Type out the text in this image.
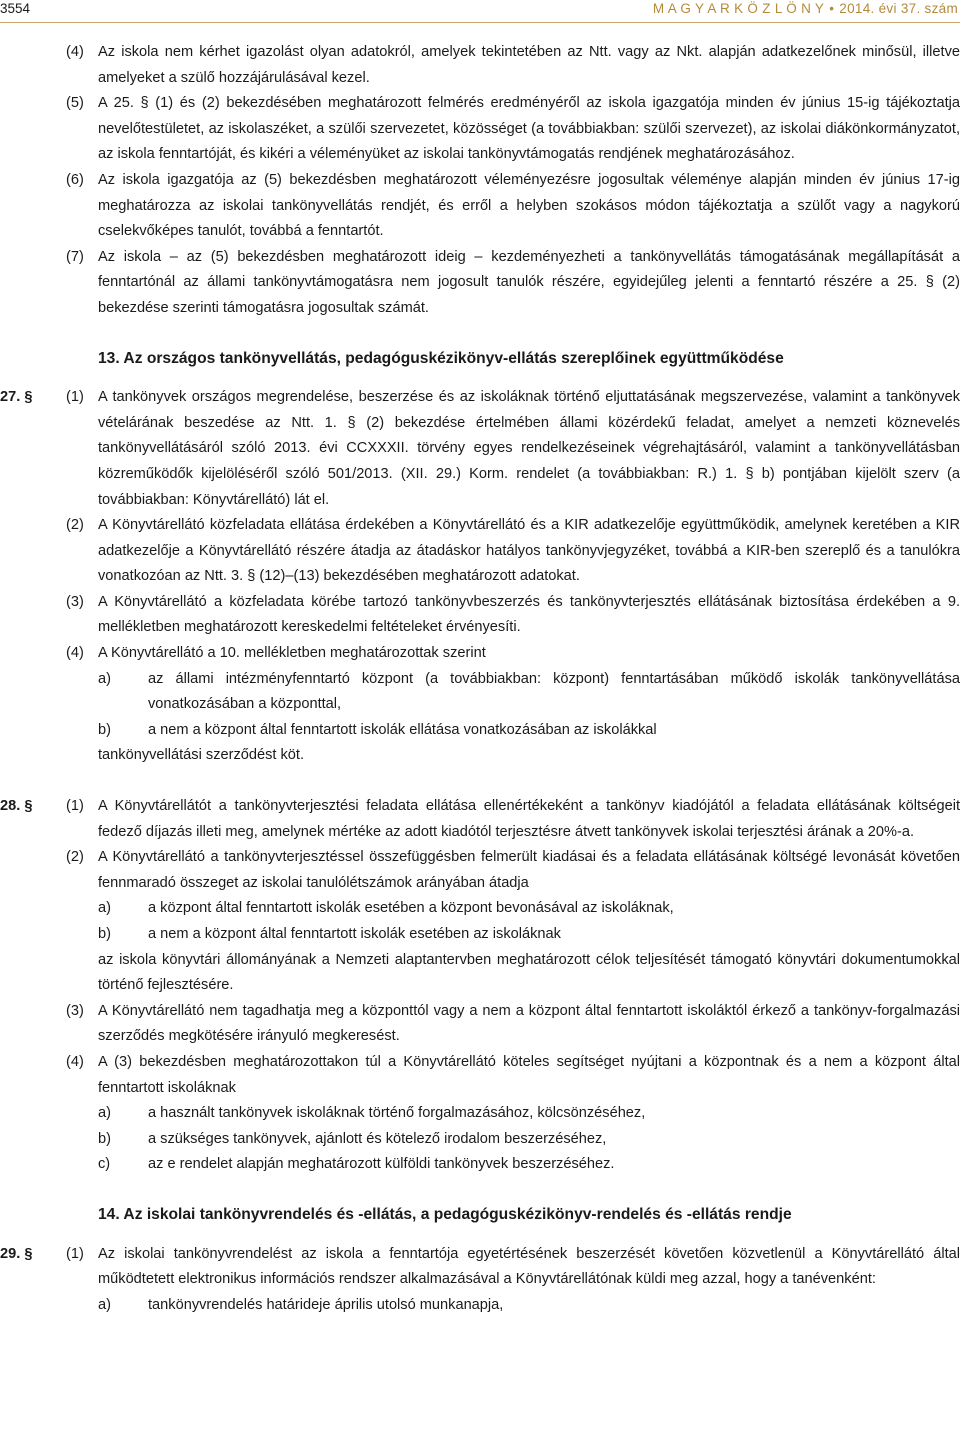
3554	M A G Y A R K Ö Z L Ö N Y • 2014. évi 37. szám
(4) Az iskola nem kérhet igazolást olyan adatokról, amelyek tekintetében az Ntt. vagy az Nkt. alapján adatkezelőnek minősül, illetve amelyeket a szülő hozzájárulásával kezel.
(5) A 25. § (1) és (2) bekezdésében meghatározott felmérés eredményéről az iskola igazgatója minden év június 15-ig tájékoztatja nevelőtestületet, az iskolaszéket, a szülői szervezetet, közösséget (a továbbiakban: szülői szervezet), az iskolai diákönkormányzatot, az iskola fenntartóját, és kikéri a véleményüket az iskolai tankönyvtámogatás rendjének meghatározásához.
(6) Az iskola igazgatója az (5) bekezdésben meghatározott véleményezésre jogosultak véleménye alapján minden év június 17-ig meghatározza az iskolai tankönyvellátás rendjét, és erről a helyben szokásos módon tájékoztatja a szülőt vagy a nagykorú cselekvőképes tanulót, továbbá a fenntartót.
(7) Az iskola – az (5) bekezdésben meghatározott ideig – kezdeményezheti a tankönyvellátás támogatásának megállapítását a fenntartónál az állami tankönyvtámogatásra nem jogosult tanulók részére, egyidejűleg jelenti a fenntartó részére a 25. § (2) bekezdése szerinti támogatásra jogosultak számát.
13. Az országos tankönyvellátás, pedagóguskézikönyv-ellátás szereplőinek együttműködése
27. § (1) A tankönyvek országos megrendelése, beszerzése és az iskoláknak történő eljuttatásának megszervezése, valamint a tankönyvek vételárának beszedése az Ntt. 1. § (2) bekezdése értelmében állami közérdekű feladat, amelyet a nemzeti köznevelés tankönyvellátásáról szóló 2013. évi CCXXXII. törvény egyes rendelkezéseinek végrehajtásáról, valamint a tankönyvellátásban közreműködők kijelöléséről szóló 501/2013. (XII. 29.) Korm. rendelet (a továbbiakban: R.) 1. § b) pontjában kijelölt szerv (a továbbiakban: Könyvtárellátó) lát el.
(2) A Könyvtárellátó közfeladata ellátása érdekében a Könyvtárellátó és a KIR adatkezelője együttműködik, amelynek keretében a KIR adatkezelője a Könyvtárellátó részére átadja az átadáskor hatályos tankönyvjegyzéket, továbbá a KIR-ben szereplő és a tanulókra vonatkozóan az Ntt. 3. § (12)–(13) bekezdésében meghatározott adatokat.
(3) A Könyvtárellátó a közfeladata körébe tartozó tankönyvbeszerzés és tankönyvterjesztés ellátásának biztosítása érdekében a 9. mellékletben meghatározott kereskedelmi feltételeket érvényesíti.
(4) A Könyvtárellátó a 10. mellékletben meghatározottak szerint
a)	az állami intézményfenntartó központ (a továbbiakban: központ) fenntartásában működő iskolák tankönyvellátása vonatkozásában a központtal,
b)	a nem a központ által fenntartott iskolák ellátása vonatkozásában az iskolákkal
tankönyvellátási szerződést köt.
28. § (1) A Könyvtárellátót a tankönyvterjesztési feladata ellátása ellenértékeként a tankönyv kiadójától a feladata ellátásának költségeit fedező díjazás illeti meg, amelynek mértéke az adott kiadótól terjesztésre átvett tankönyvek iskolai terjesztési árának a 20%-a.
(2) A Könyvtárellátó a tankönyvterjesztéssel összefüggésben felmerült kiadásai és a feladata ellátásának költségé levonását követően fennmaradó összeget az iskolai tanulólétszámok arányában átadja
a)	a központ által fenntartott iskolák esetében a központ bevonásával az iskoláknak,
b)	a nem a központ által fenntartott iskolák esetében az iskoláknak
az iskola könyvtári állományának a Nemzeti alaptantervben meghatározott célok teljesítését támogató könyvtári dokumentumokkal történő fejlesztésére.
(3) A Könyvtárellátó nem tagadhatja meg a központtól vagy a nem a központ által fenntartott iskoláktól érkező a tankönyv-forgalmazási szerződés megkötésére irányuló megkeresést.
(4) A (3) bekezdésben meghatározottakon túl a Könyvtárellátó köteles segítséget nyújtani a központnak és a nem a központ által fenntartott iskoláknak
a)	a használt tankönyvek iskoláknak történő forgalmazásához, kölcsönzéséhez,
b)	a szükséges tankönyvek, ajánlott és kötelező irodalom beszerzéséhez,
c)	az e rendelet alapján meghatározott külföldi tankönyvek beszerzéséhez.
14. Az iskolai tankönyvrendelés és -ellátás, a pedagóguskézikönyv-rendelés és -ellátás rendje
29. § (1) Az iskolai tankönyvrendelést az iskola a fenntartója egyetértésének beszerzését követően közvetlenül a Könyvtárellátó által működtetett elektronikus információs rendszer alkalmazásával a Könyvtárellátónak küldi meg azzal, hogy a tanévenként:
a)	tankönyvrendelés határideje április utolsó munkanapja,
